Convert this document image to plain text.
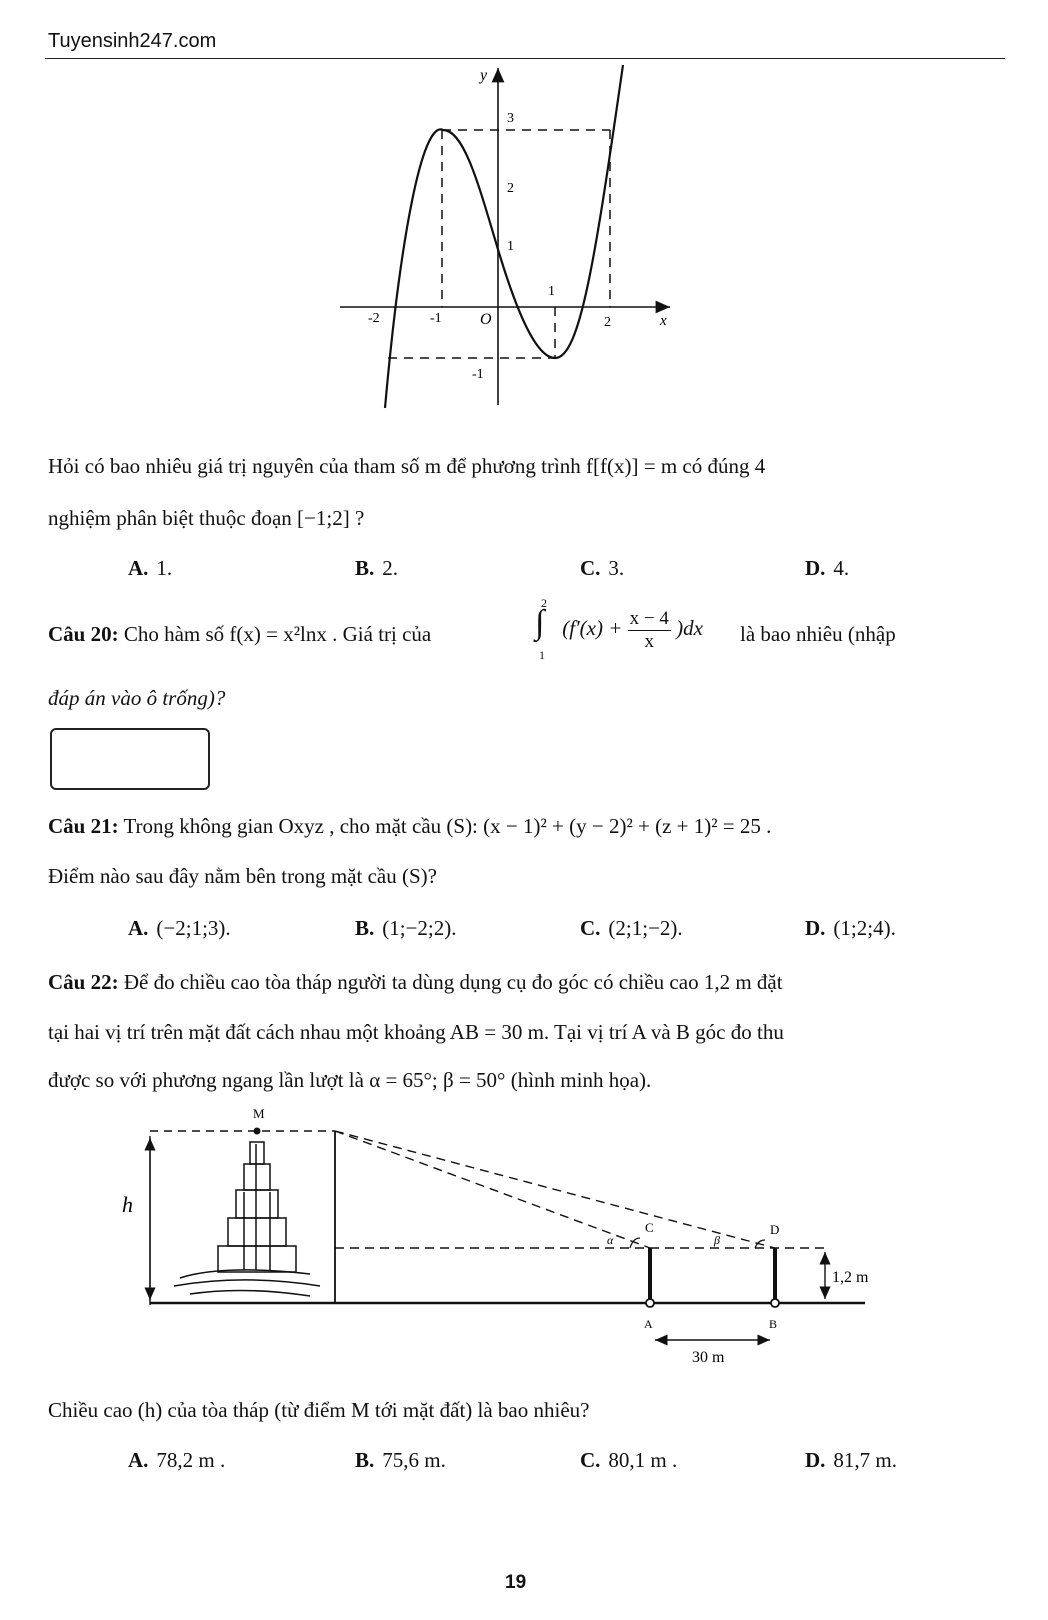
Tuyensinh247.com
y
x
O
-2	-1
1
2
3
2
1
-1
Hỏi có bao nhiêu giá trị nguyên của tham số m để phương trình f[f(x)] = m có đúng 4
nghiệm phân biệt thuộc đoạn [−1;2] ?
A. 1.	B. 2.	C. 3.	D. 4.
Câu 20: Cho hàm số f(x) = x²lnx . Giá trị của
2
∫
1
$(f'(x) + \frac{x - 4}{x} )dx$ là bao nhiêu (nhập
đáp án vào ô trống)?
Câu 21: Trong không gian Oxyz , cho mặt cầu (S): (x − 1)² + (y − 2)² + (z + 1)² = 25 .
Điểm nào sau đây nằm bên trong mặt cầu (S)?
A. (−2;1;3).	B. (1;−2;2).	C. (2;1;−2).	D. (1;2;4).
Câu 22: Để đo chiều cao tòa tháp người ta dùng dụng cụ đo góc có chiều cao 1,2 m đặt
tại hai vị trí trên mặt đất cách nhau một khoảng AB = 30 m. Tại vị trí A và B góc đo thu
được so với phương ngang lần lượt là α = 65°; β = 50° (hình minh họa).
M
h
α	β
C	D
A	B
1,2 m
30 m
Chiều cao (h) của tòa tháp (từ điểm M tới mặt đất) là bao nhiêu?
A. 78,2 m .	B. 75,6 m.	C. 80,1 m .	D. 81,7 m.
19
